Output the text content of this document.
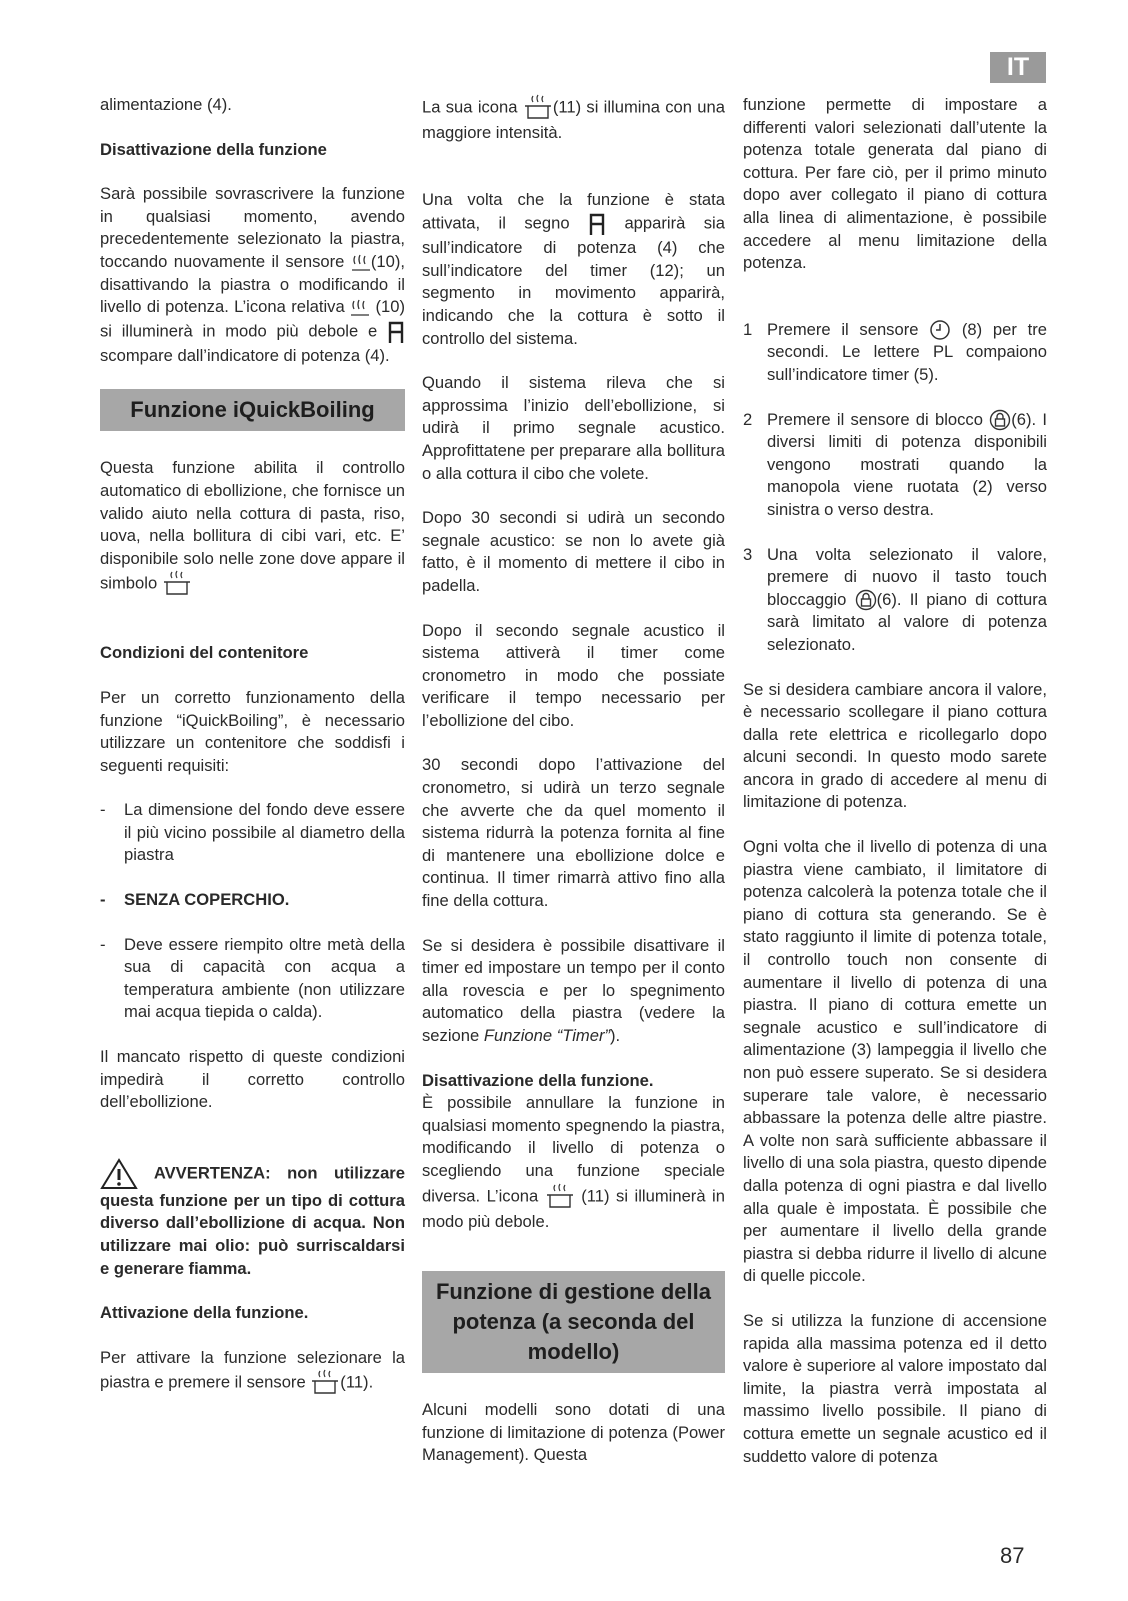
IT

alimentazione (4).

Disattivazione della funzione

Sarà possibile sovrascrivere la funzione in qualsiasi momento, avendo precedentemente selezionato la piastra, toccando nuovamente il sensore (10), disattivando la piastra o modificando il livello di potenza. L’icona relativa (10) si illuminerà in modo più debole e  scompare dall’indicatore di potenza (4).

Funzione iQuickBoiling

Questa funzione abilita il controllo automatico di ebollizione, che fornisce un valido aiuto nella cottura di pasta, riso, uova, nella bollitura di cibi vari, etc. E’ disponibile solo nelle zone dove appare il simbolo

Condizioni del contenitore

Per un corretto funzionamento della funzione “iQuickBoiling”, è necessario utilizzare un contenitore che soddisfi i seguenti requisiti:

-	La dimensione del fondo deve essere il più vicino possibile al diametro della piastra
-	SENZA COPERCHIO.
-	Deve essere riempito oltre metà della sua di capacità con acqua a temperatura ambiente (non utilizzare mai acqua tiepida o calda).

Il mancato rispetto di queste condizioni impedirà il corretto controllo dell’ebollizione.

AVVERTENZA: non utilizzare questa funzione per un tipo di cottura diverso dall’ebollizione di acqua. Non utilizzare mai olio: può surriscaldarsi e generare fiamma.

Attivazione della funzione.

Per attivare la funzione selezionare la piastra e premere il sensore (11).

La sua icona (11) si illumina con una maggiore intensità.

Una volta che la funzione è stata attivata, il segno	apparirà sia sull’indicatore di potenza (4) che sull’indicatore del timer (12); un segmento in movimento apparirà, indicando che la cottura è sotto il controllo del sistema.

Quando il sistema rileva che si approssima l’inizio dell’ebollizione, si udirà il primo segnale acustico. Approfittatene per preparare alla bollitura o alla cottura il cibo che volete.

Dopo 30 secondi si udirà un secondo segnale acustico: se non lo avete già fatto, è il momento di mettere il cibo in padella.

Dopo il secondo segnale acustico il sistema attiverà il timer come cronometro in modo che possiate verificare il tempo necessario per l’ebollizione del cibo.

30 secondi dopo l’attivazione del cronometro, si udirà un terzo segnale che avverte che da quel momento il sistema ridurrà la potenza fornita al fine di mantenere una ebollizione dolce e continua. Il timer rimarrà attivo fino alla fine della cottura.

Se si desidera è possibile disattivare il timer ed impostare un tempo per il conto alla rovescia e per lo spegnimento automatico della piastra (vedere la sezione Funzione “Timer”).

Disattivazione della funzione.
È possibile annullare la funzione in qualsiasi momento spegnendo la piastra, modificando il livello di potenza o scegliendo una funzione speciale diversa. L’icona	(11) si illuminerà in modo più debole.

Funzione di gestione della potenza (a seconda del modello)

Alcuni modelli sono dotati di una funzione di limitazione di potenza (Power Management). Questa

funzione permette di impostare a differenti valori selezionati dall’utente la potenza totale generata dal piano di cottura. Per fare ciò, per il primo minuto dopo aver collegato il piano di cottura alla linea di alimentazione, è possibile accedere al menu limitazione della potenza.

1 Premere il sensore	(8) per tre secondi. Le lettere PL compaiono sull’indicatore timer (5).
2 Premere il sensore di blocco (6). I diversi limiti di potenza disponibili vengono mostrati quando la manopola viene ruotata (2) verso sinistra o verso destra.
3 Una volta selezionato il valore, premere di nuovo il tasto touch bloccaggio (6). Il piano di cottura sarà limitato al valore di potenza selezionato.

Se si desidera cambiare ancora il valore, è necessario scollegare il piano cottura dalla rete elettrica e ricollegarlo dopo alcuni secondi. In questo modo sarete ancora in grado di accedere al menu di limitazione di potenza.

Ogni volta che il livello di potenza di una piastra viene cambiato, il limitatore di potenza calcolerà la potenza totale che il piano di cottura sta generando. Se è stato raggiunto il limite di potenza totale, il controllo touch non consente di aumentare il livello di potenza di una piastra. Il piano di cottura emette un segnale acustico e sull’indicatore di alimentazione (3) lampeggia il livello che non può essere superato. Se si desidera superare tale valore, è necessario abbassare la potenza delle altre piastre. A volte non sarà sufficiente abbassare il livello di una sola piastra, questo dipende dalla potenza di ogni piastra e dal livello alla quale è impostata. È possibile che per aumentare il livello della grande piastra si debba ridurre il livello di alcune di quelle piccole.

Se si utilizza la funzione di accensione rapida alla massima potenza ed il detto valore è superiore al valore impostato dal limite, la piastra verrà impostata al massimo livello possibile. Il piano di cottura emette un segnale acustico ed il suddetto valore di potenza

87
